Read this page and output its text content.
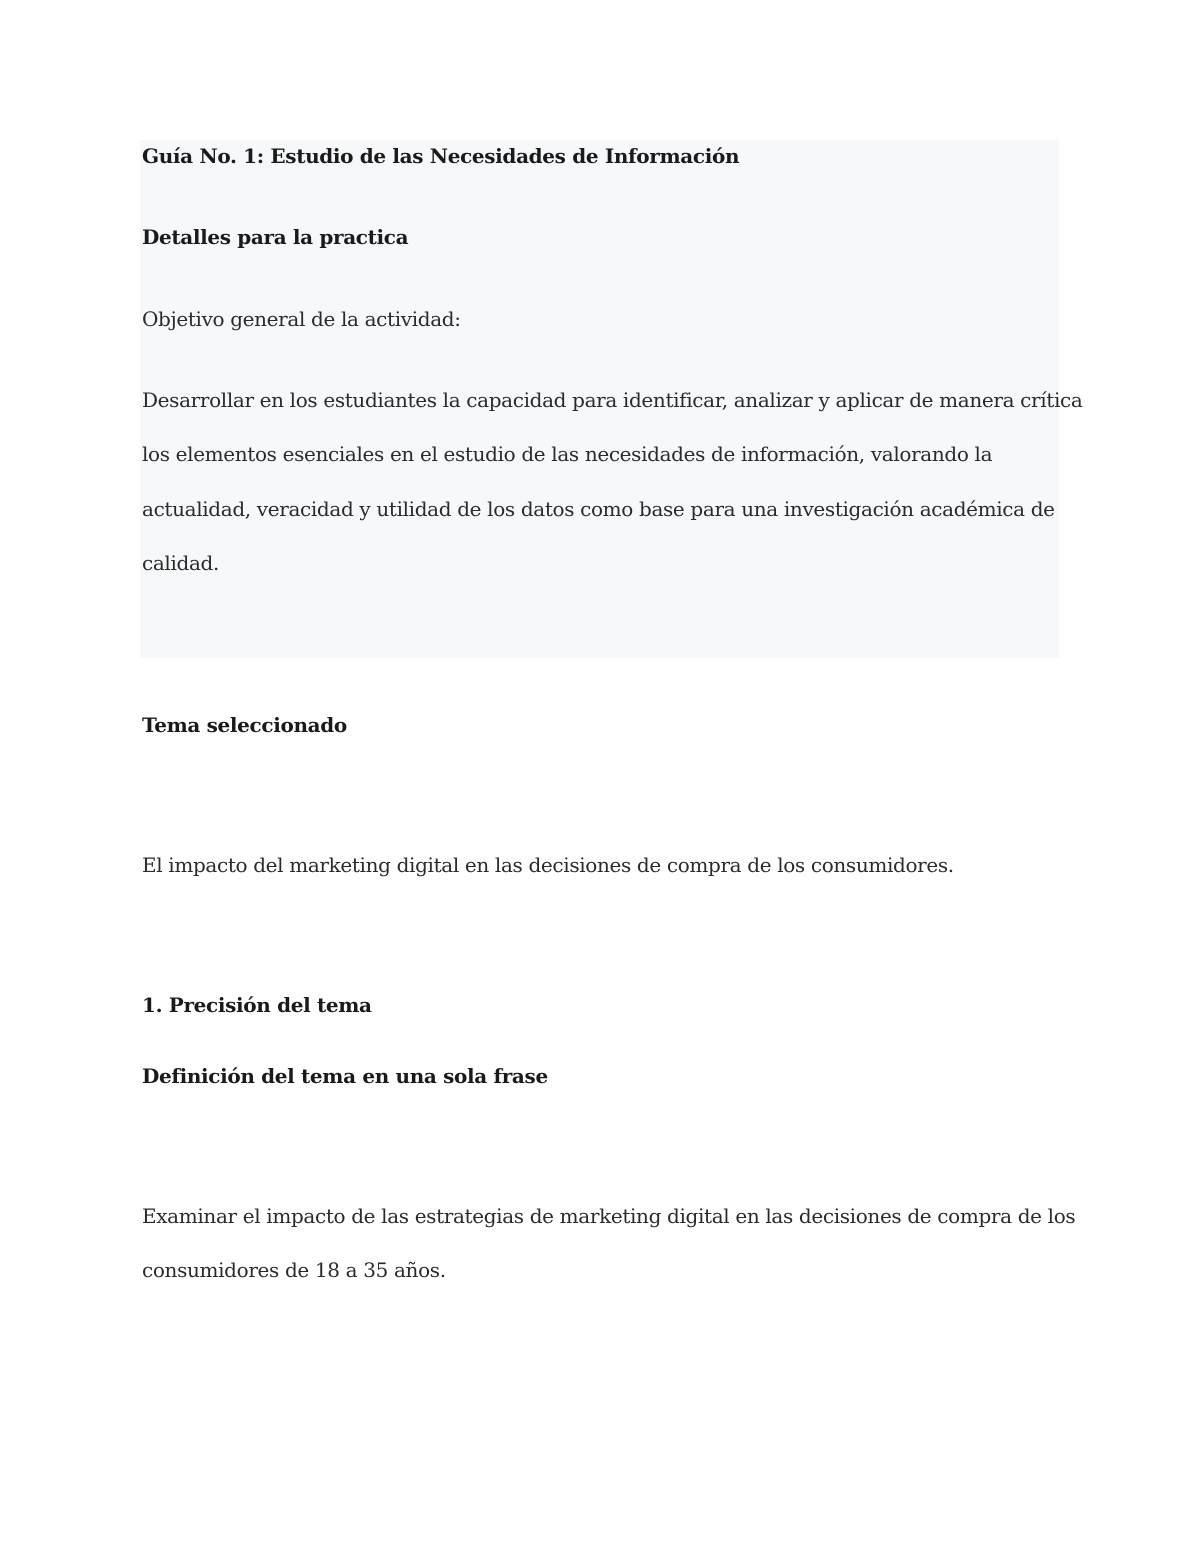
Guía No. 1: Estudio de las Necesidades de Información

Detalles para la practica

Objetivo general de la actividad:

Desarrollar en los estudiantes la capacidad para identificar, analizar y aplicar de manera crítica

los elementos esenciales en el estudio de las necesidades de información, valorando la

actualidad, veracidad y utilidad de los datos como base para una investigación académica de

calidad.

Tema seleccionado

El impacto del marketing digital en las decisiones de compra de los consumidores.

1. Precisión del tema

Definición del tema en una sola frase

Examinar el impacto de las estrategias de marketing digital en las decisiones de compra de los

consumidores de 18 a 35 años.
